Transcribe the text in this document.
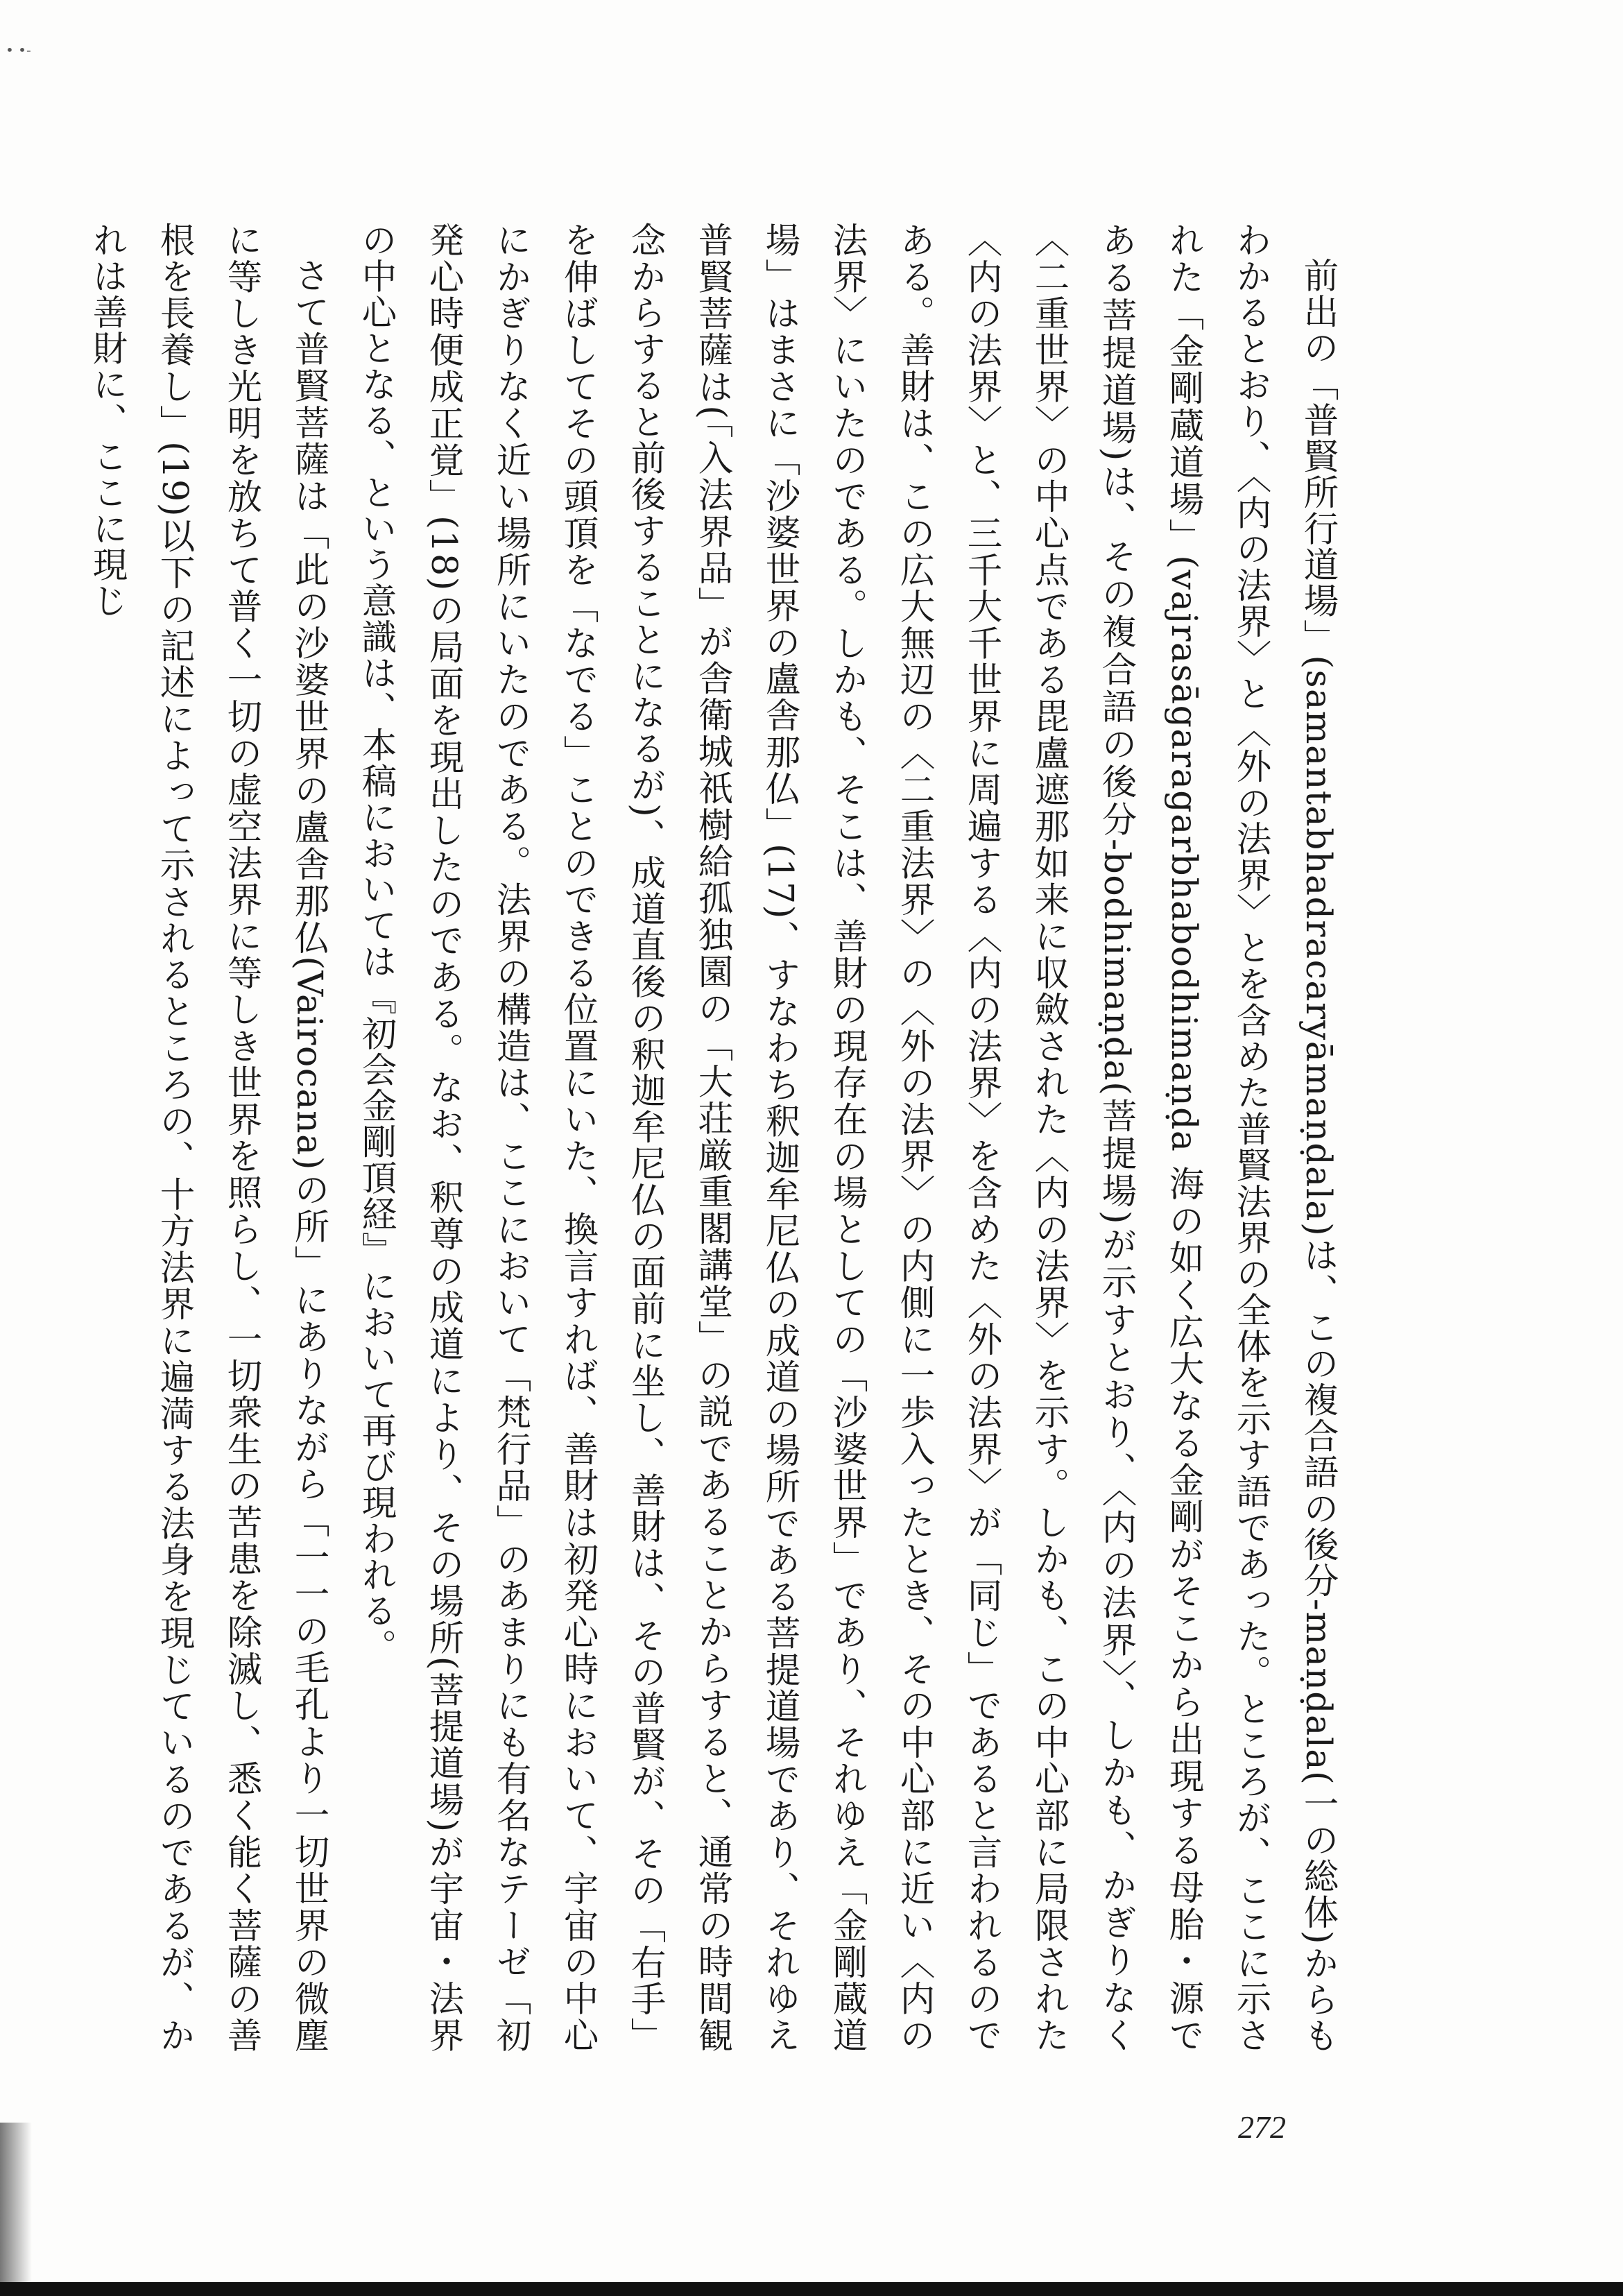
• •-

前出の「普賢所行道場」(samantabhadracaryāmaṇḍala)は、この複合語の後分-maṇḍala(一の総体)からもわかるとおり、〈内の法界〉と〈外の法界〉とを含めた普賢法界の全体を示す語であった。ところが、ここに示された「金剛蔵道場」(vajrasāgaragarbhabodhimaṇḍa 海の如く広大なる金剛がそこから出現する母胎・源である菩提道場)は、その複合語の後分-bodhimaṇḍa(菩提場)が示すとおり、〈内の法界〉、しかも、かぎりなく〈二重世界〉の中心点である毘盧遮那如来に収斂された〈内の法界〉を示す。しかも、この中心部に局限された〈内の法界〉と、三千大千世界に周遍する〈内の法界〉を含めた〈外の法界〉が「同じ」であると言われるのである。善財は、この広大無辺の〈二重法界〉の〈外の法界〉の内側に一歩入ったとき、その中心部に近い〈内の法界〉にいたのである。しかも、そこは、善財の現存在の場としての「沙婆世界」であり、それゆえ「金剛蔵道場」はまさに「沙婆世界の盧舎那仏」(17)、すなわち釈迦牟尼仏の成道の場所である菩提道場であり、それゆえ普賢菩薩は(「入法界品」が舎衛城祇樹給孤独園の「大荘厳重閣講堂」の説であることからすると、通常の時間観念からすると前後することになるが)、成道直後の釈迦牟尼仏の面前に坐し、善財は、その普賢が、その「右手」を伸ばしてその頭頂を「なでる」ことのできる位置にいた、換言すれば、善財は初発心時において、宇宙の中心にかぎりなく近い場所にいたのである。法界の構造は、ここにおいて「梵行品」のあまりにも有名なテーゼ「初発心時便成正覚」(18)の局面を現出したのである。なお、釈尊の成道により、その場所(菩提道場)が宇宙・法界の中心となる、という意識は、本稿においては『初会金剛頂経』において再び現われる。

さて普賢菩薩は「此の沙婆世界の盧舎那仏(Vairocana)の所」にありながら「一一の毛孔より一切世界の微塵に等しき光明を放ちて普く一切の虚空法界に等しき世界を照らし、一切衆生の苦患を除滅し、悉く能く菩薩の善根を長養し」(19)以下の記述によって示されるところの、十方法界に遍満する法身を現じているのであるが、かれは善財に、ここに現じ

272
